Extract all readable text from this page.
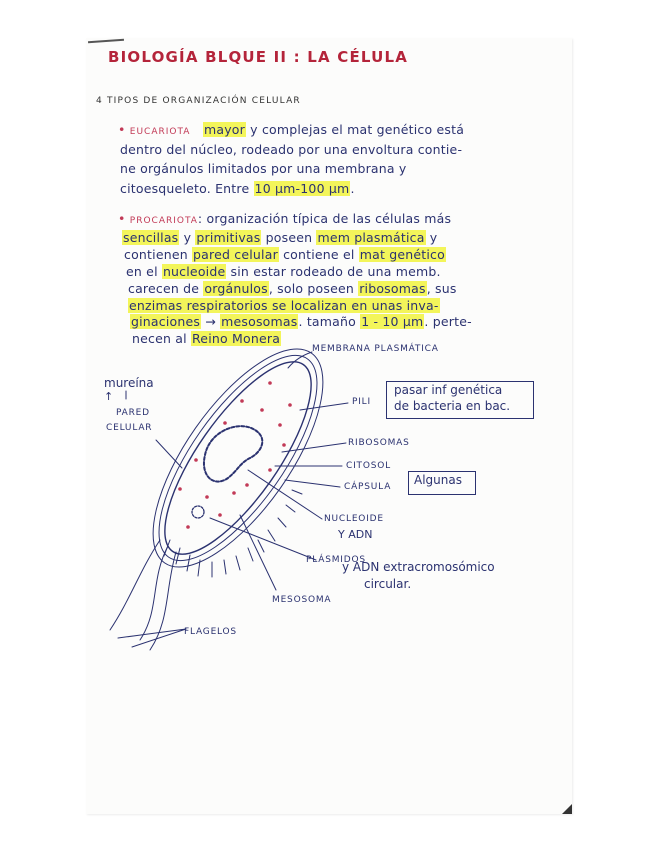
BIOLOGÍA BLQUE II : LA CÉLULA
4 TIPOS DE ORGANIZACIÓN CELULAR
• EUCARIOTA mayor y complejas el mat genético está
dentro del núcleo, rodeado por una envoltura contie-
ne orgánulos limitados por una membrana y
citoesqueleto. Entre 10 μm-100 μm.
• PROCARIOTA: organización típica de las células más
sencillas y primitivas poseen mem plasmática y
contienen pared celular contiene el mat genético
en el nucleoide sin estar rodeado de una memb.
carecen de orgánulos, solo poseen ribosomas, sus
enzimas respiratorios se localizan en unas inva-
ginaciones → mesosomas. tamaño 1 - 10 μm. perte-
necen al Reino Monera
MEMBRANA PLASMÁTICA
mureína
↑
PARED
CELULAR
PILI
pasar inf genética
de bacteria en bac.
RIBOSOMAS
CITOSOL
CÁPSULA Algunas
NUCLEOIDE
Y ADN
PLÁSMIDOS
y ADN extracromosómico
circular.
MESOSOMA
FLAGELOS
